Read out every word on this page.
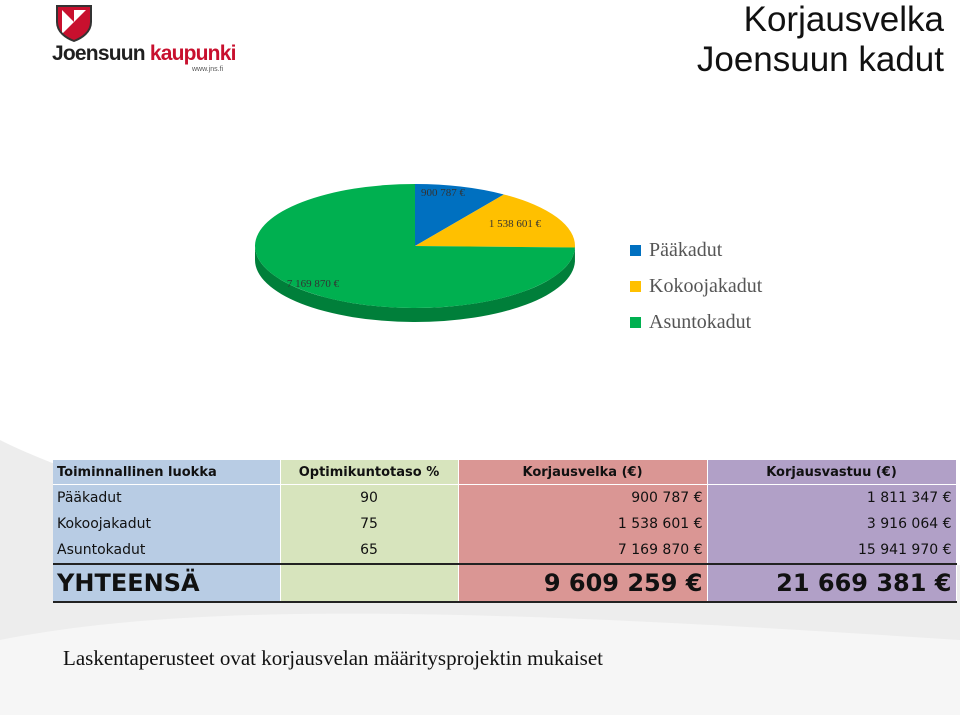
Joensuun kaupunki
www.jns.fi
Korjausvelka
Joensuun kadut
900 787 €
1 538 601 €
7 169 870 €
Pääkadut
Kokoojakadut
Asuntokadut
Toiminnallinen luokka	Optimikuntotaso %	Korjausvelka (€)	Korjausvastuu (€)
Pääkadut	90	900 787 €	1 811 347 €
Kokoojakadut	75	1 538 601 €	3 916 064 €
Asuntokadut	65	7 169 870 €	15 941 970 €
YHTEENSÄ		9 609 259 €	21 669 381 €
Laskentaperusteet ovat korjausvelan määritysprojektin mukaiset
